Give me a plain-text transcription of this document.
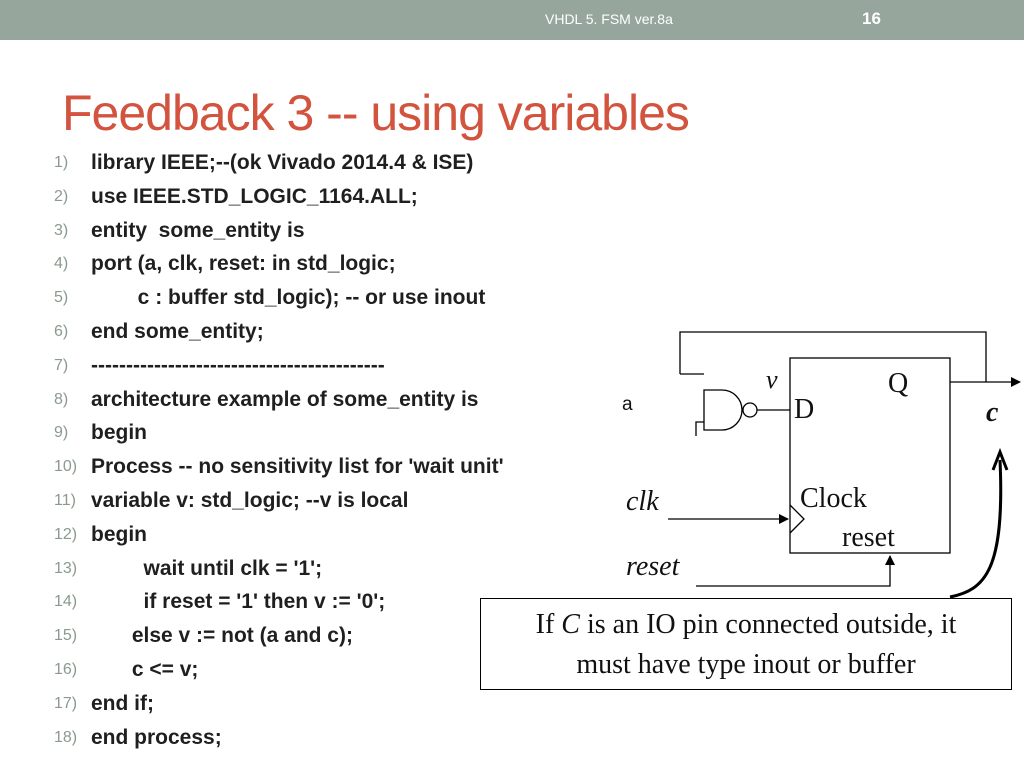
VHDL 5. FSM ver.8a	16
Feedback 3 -- using variables
1)	library IEEE;--(ok Vivado 2014.4 & ISE)
2)	use IEEE.STD_LOGIC_1164.ALL;
3)	entity  some_entity is
4)	port (a, clk, reset: in std_logic;
5)	c : buffer std_logic); -- or use inout
6)	end some_entity;
7)	------------------------------------------
8)	architecture example of some_entity is
9)	begin
10) Process -- no sensitivity list for 'wait unit'
11) variable v: std_logic; --v is local
12) begin
13) wait until clk = '1';
14) if reset = '1' then v := '0';
15) else v := not (a and c);
16) c <= v;
17) end if;
18) end process;
a
v	Q
D	c
clk	Clock
reset
reset
If C is an IO pin connected outside, it
must have type inout or buffer
